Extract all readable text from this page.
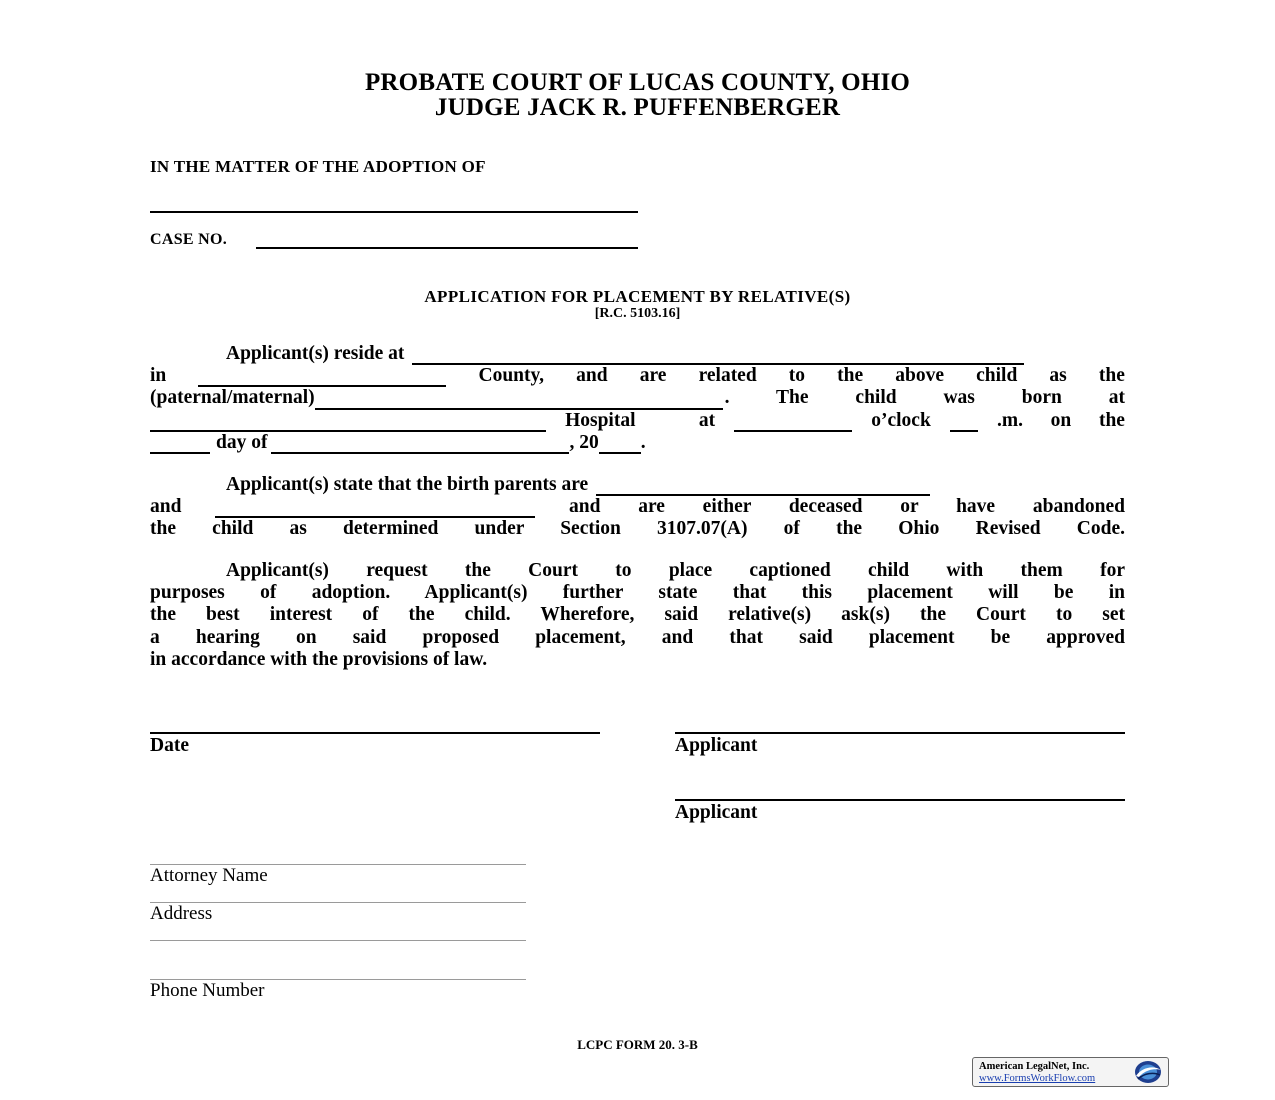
PROBATE COURT OF LUCAS COUNTY, OHIO
JUDGE JACK R. PUFFENBERGER
IN THE MATTER OF THE ADOPTION OF
CASE NO.
APPLICATION FOR PLACEMENT BY RELATIVE(S)
[R.C. 5103.16]
Applicant(s) reside at
in	County, and are related to the above child as the
(paternal/maternal)	. The child was born at
Hospital at	o’clock	.m. on the
day of	, 20 .
Applicant(s) state that the birth parents are
and	and are either deceased or have abandoned
the child as determined under Section 3107.07(A) of the Ohio Revised Code.
Applicant(s) request the Court to place captioned child with them for
purposes of adoption. Applicant(s) further state that this placement will be in
the best interest of the child. Wherefore, said relative(s) ask(s) the Court to set
a hearing on said proposed placement, and that said placement be approved
in accordance with the provisions of law.
Date	Applicant
Applicant
Attorney Name
Address
Phone Number
LCPC FORM 20. 3-B
American LegalNet, Inc.
www.FormsWorkFlow.com
